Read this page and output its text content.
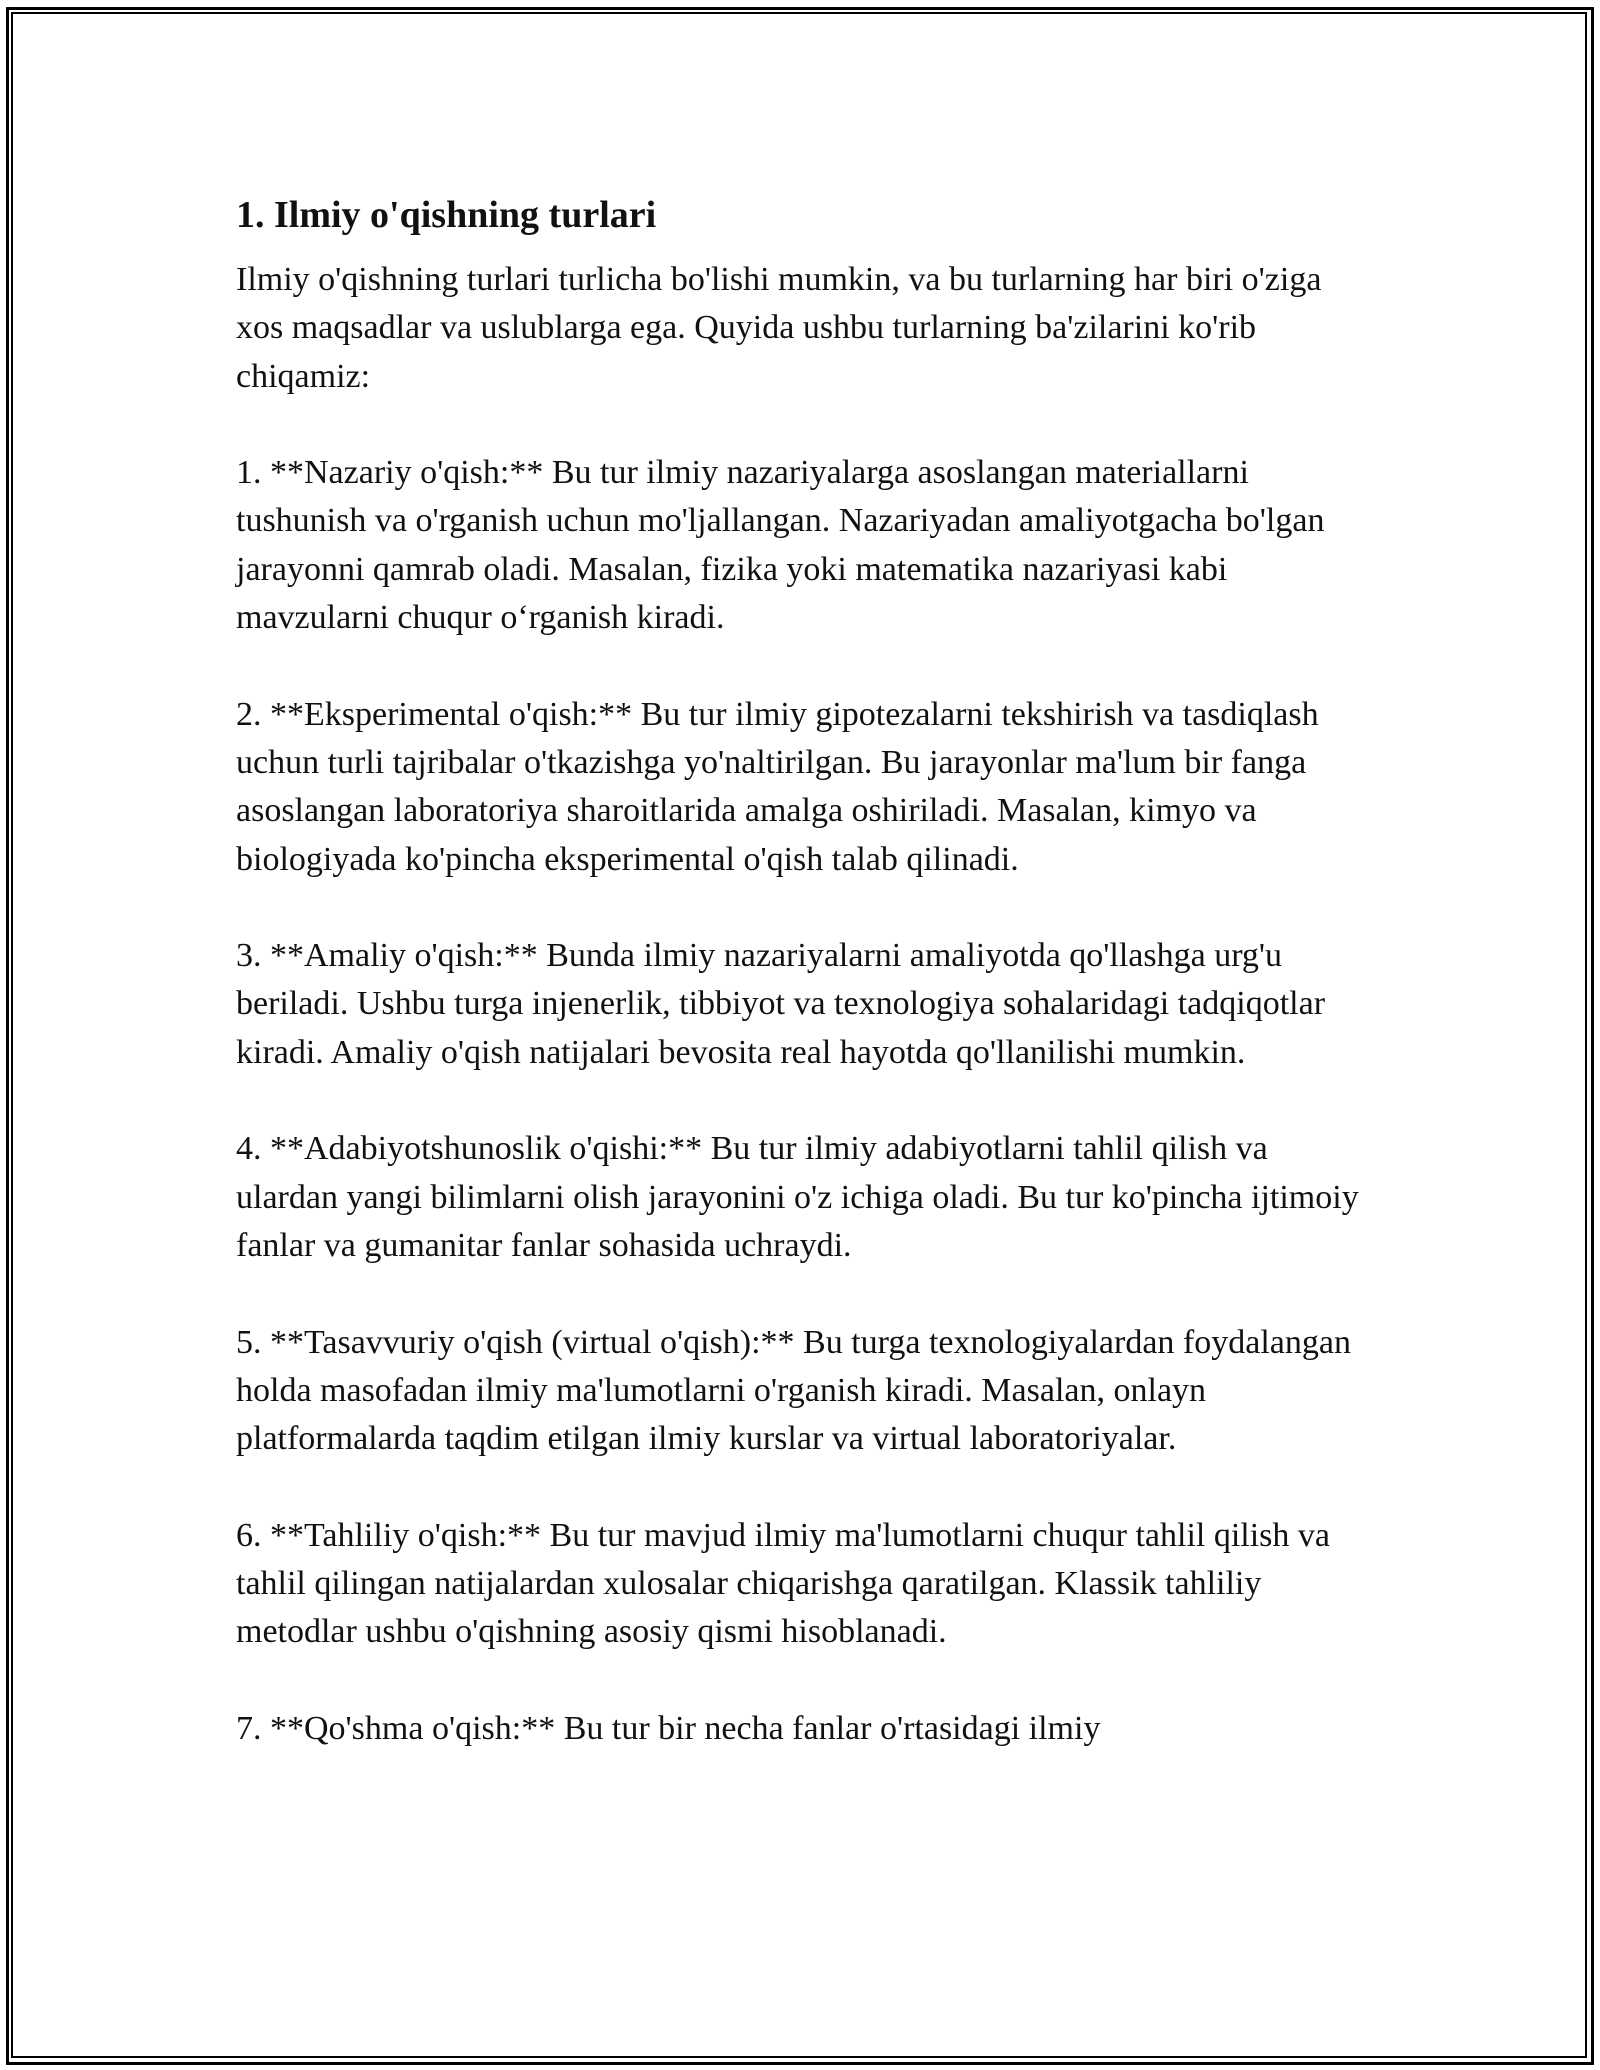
1. Ilmiy o'qishning turlari

Ilmiy o'qishning turlari turlicha bo'lishi mumkin, va bu turlarning har biri o'ziga xos maqsadlar va uslublarga ega. Quyida ushbu turlarning ba'zilarini ko'rib chiqamiz:

1. **Nazariy o'qish:** Bu tur ilmiy nazariyalarga asoslangan materiallarni tushunish va o'rganish uchun mo'ljallangan. Nazariyadan amaliyotgacha bo'lgan jarayonni qamrab oladi. Masalan, fizika yoki matematika nazariyasi kabi mavzularni chuqur o‘rganish kiradi.

2. **Eksperimental o'qish:** Bu tur ilmiy gipotezalarni tekshirish va tasdiqlash uchun turli tajribalar o'tkazishga yo'naltirilgan. Bu jarayonlar ma'lum bir fanga asoslangan laboratoriya sharoitlarida amalga oshiriladi. Masalan, kimyo va biologiyada ko'pincha eksperimental o'qish talab qilinadi.

3. **Amaliy o'qish:** Bunda ilmiy nazariyalarni amaliyotda qo'llashga urg'u beriladi. Ushbu turga injenerlik, tibbiyot va texnologiya sohalaridagi tadqiqotlar kiradi. Amaliy o'qish natijalari bevosita real hayotda qo'llanilishi mumkin.

4. **Adabiyotshunoslik o'qishi:** Bu tur ilmiy adabiyotlarni tahlil qilish va ulardan yangi bilimlarni olish jarayonini o'z ichiga oladi. Bu tur ko'pincha ijtimoiy fanlar va gumanitar fanlar sohasida uchraydi.

5. **Tasavvuriy o'qish (virtual o'qish):** Bu turga texnologiyalardan foydalangan holda masofadan ilmiy ma'lumotlarni o'rganish kiradi. Masalan, onlayn platformalarda taqdim etilgan ilmiy kurslar va virtual laboratoriyalar.

6. **Tahliliy o'qish:** Bu tur mavjud ilmiy ma'lumotlarni chuqur tahlil qilish va tahlil qilingan natijalardan xulosalar chiqarishga qaratilgan. Klassik tahliliy metodlar ushbu o'qishning asosiy qismi hisoblanadi.

7. **Qo'shma o'qish:** Bu tur bir necha fanlar o'rtasidagi ilmiy
